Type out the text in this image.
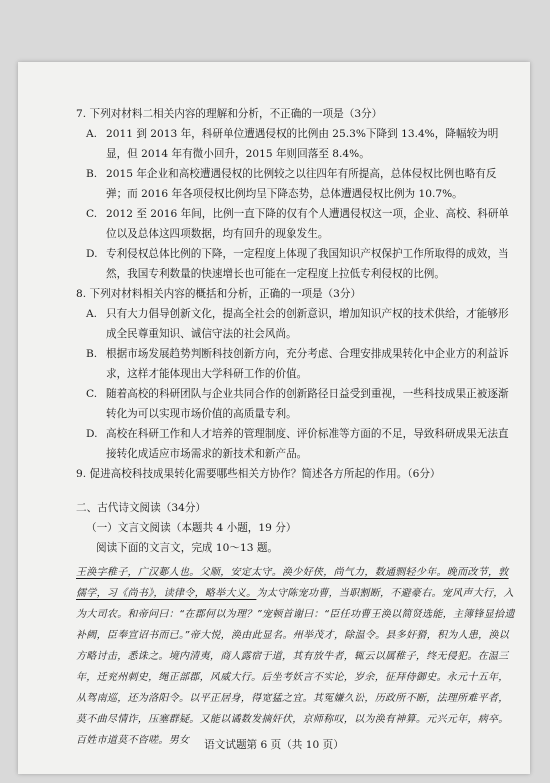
7. 下列对材料二相关内容的理解和分析，不正确的一项是（3分）
A. 2011 到 2013 年，科研单位遭遇侵权的比例由 25.3%下降到 13.4%，降幅较为明显，但 2014 年有微小回升，2015 年则回落至 8.4%。
B. 2015 年企业和高校遭遇侵权的比例较之以往四年有所提高，总体侵权比例也略有反弹；而 2016 年各项侵权比例均呈下降态势，总体遭遇侵权比例为 10.7%。
C. 2012 至 2016 年间，比例一直下降的仅有个人遭遇侵权这一项，企业、高校、科研单位以及总体这四项数据，均有回升的现象发生。
D. 专利侵权总体比例的下降，一定程度上体现了我国知识产权保护工作所取得的成效，当然，我国专利数量的快速增长也可能在一定程度上拉低专利侵权的比例。
8. 下列对材料相关内容的概括和分析，正确的一项是（3分）
A. 只有大力倡导创新文化，提高全社会的创新意识，增加知识产权的技术供给，才能够形成全民尊重知识、诚信守法的社会风尚。
B. 根据市场发展趋势判断科技创新方向，充分考虑、合理安排成果转化中企业方的利益诉求，这样才能体现出大学科研工作的价值。
C. 随着高校的科研团队与企业共同合作的创新路径日益受到重视，一些科技成果正被逐渐转化为可以实现市场价值的高质量专利。
D. 高校在科研工作和人才培养的管理制度、评价标准等方面的不足，导致科研成果无法直接转化成适应市场需求的新技术和新产品。
9. 促进高校科技成果转化需要哪些相关方协作？简述各方所起的作用。（6分）
二、古代诗文阅读（34分）
（一）文言文阅读（本题共 4 小题，19 分）
阅读下面的文言文，完成 10～13 题。
王涣字稚子，广汉郪人也。父顺，安定太守。涣少好侠，尚气力，数通剽轻少年。晚而改节，敦儒学，习《尚书》，读律令，略举大义。为太守陈宠功曹，当职割断，不避豪右。宠风声大行，入为大司农。和帝问曰：“在郡何以为理？”宠顿首谢曰：“臣任功曹王涣以简贤选能，主簿锋显拾遗补阙，臣奉宣诏书而已。”帝大悦，涣由此显名。州举茂才，除温令。县多奸猾，积为人患，涣以方略讨击，悉诛之。境内清夷，商人露宿于道，其有放牛者，辄云以属稚子，终无侵犯。在温三年，迁兖州刺史，绳正部郡，风威大行。后坐考妖言不实论，岁余，征拜侍御史。永元十五年，从驾南巡，还为洛阳令。以平正居身，得宽猛之宜。其冤嫌久讼，历政所不断，法理所难平者，莫不曲尽情诈，压塞群疑。又能以谲数发摘奸伏，京师称叹，以为涣有神算。元兴元年，病卒。百姓市道莫不咨嗟。男女	语文试题第 6 页（共 10 页）
